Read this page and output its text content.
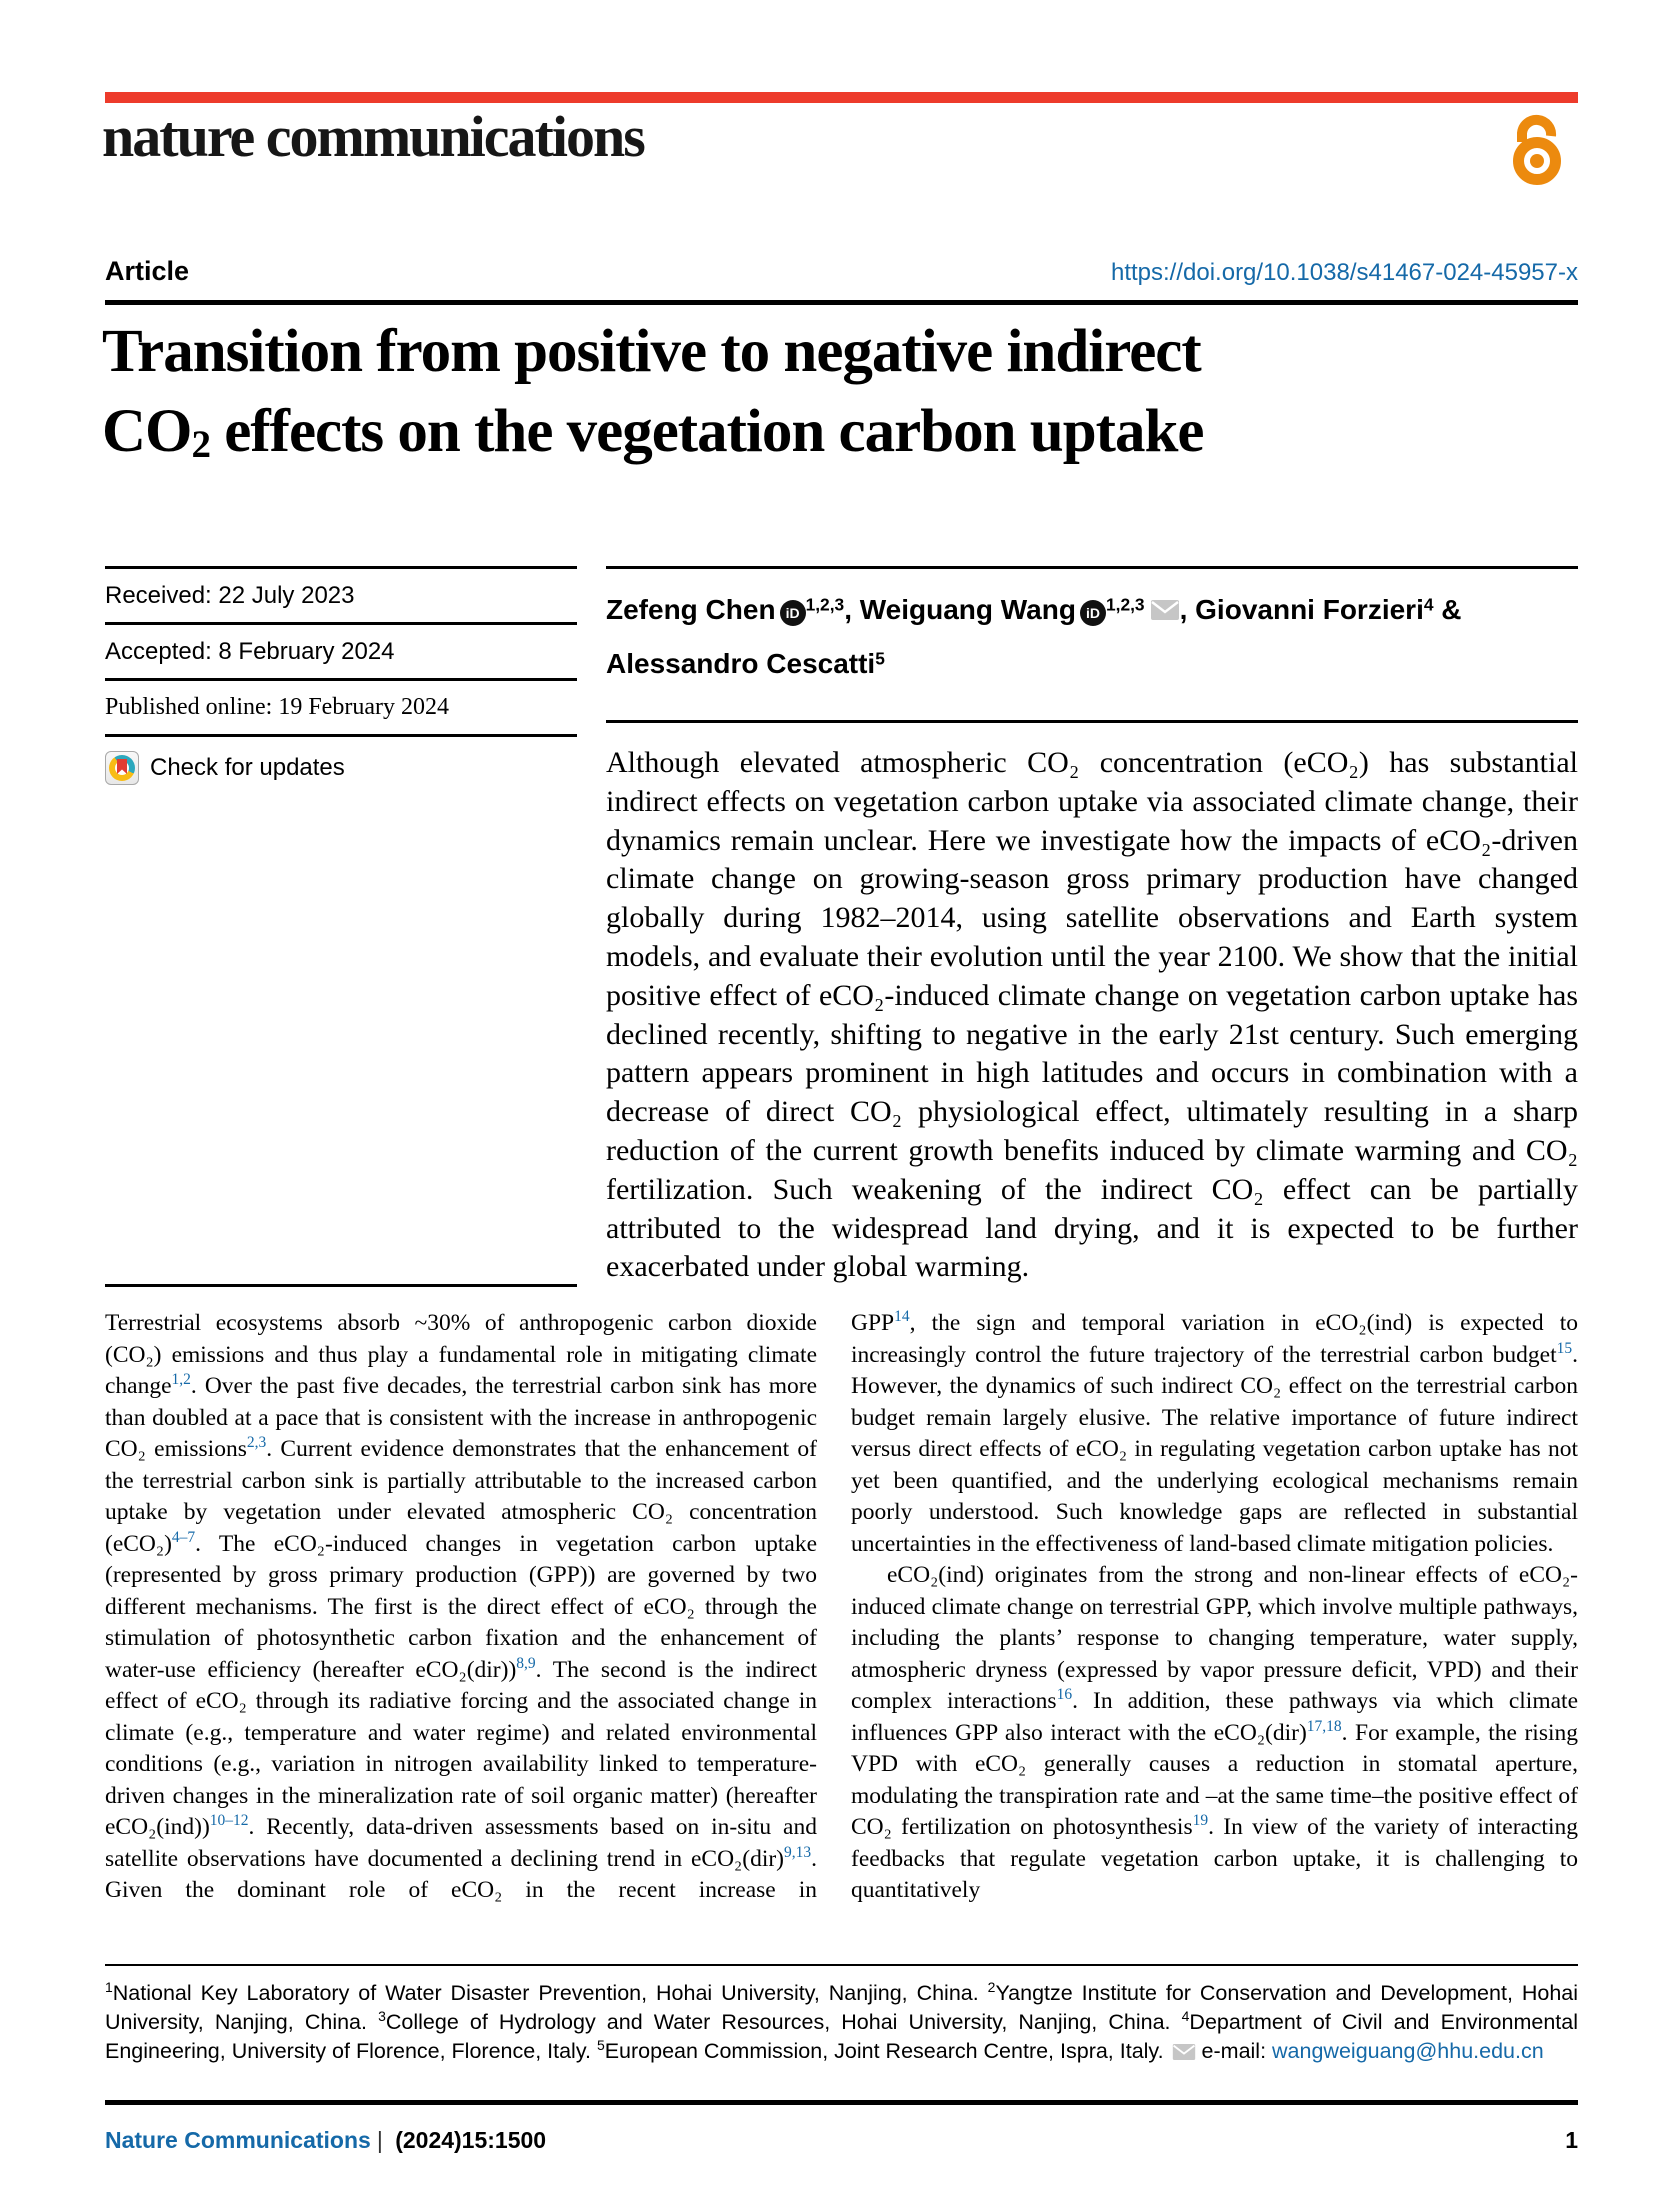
nature communications
Article	https://doi.org/10.1038/s41467-024-45957-x
Transition from positive to negative indirect
$CO_2$ effects on the vegetation carbon uptake
Received: 22 July 2023
Accepted: 8 February 2024
Published online: 19 February 2024
Check for updates
Zefeng Chen iD $^{1,2,3}$, Weiguang Wang iD $^{1,2,3}$ , Giovanni Forzieri$^4$ &
Alessandro Cescatti$^5$
Although elevated atmospheric CO₂ concentration (eCO₂) has substantial indirect effects on vegetation carbon uptake via associated climate change, their dynamics remain unclear. Here we investigate how the impacts of eCO₂-driven climate change on growing-season gross primary production have changed globally during 1982–2014, using satellite observations and Earth system models, and evaluate their evolution until the year 2100. We show that the initial positive effect of eCO₂-induced climate change on vegetation carbon uptake has declined recently, shifting to negative in the early 21st century. Such emerging pattern appears prominent in high latitudes and occurs in combination with a decrease of direct CO₂ physiological effect, ultimately resulting in a sharp reduction of the current growth benefits induced by climate warming and CO₂ fertilization. Such weakening of the indirect CO₂ effect can be partially attributed to the widespread land drying, and it is expected to be further exacerbated under global warming.

Terrestrial ecosystems absorb ~30% of anthropogenic carbon dioxide (CO₂) emissions and thus play a fundamental role in mitigating climate change$^{1,2}$. Over the past five decades, the terrestrial carbon sink has more than doubled at a pace that is consistent with the increase in anthropogenic CO₂ emissions$^{2,3}$. Current evidence demonstrates that the enhancement of the terrestrial carbon sink is partially attributable to the increased carbon uptake by vegetation under elevated atmospheric CO₂ concentration (eCO₂)$^{4-7}$. The eCO₂-induced changes in vegetation carbon uptake (represented by gross primary production (GPP)) are governed by two different mechanisms. The first is the direct effect of eCO₂ through the stimulation of photosynthetic carbon fixation and the enhancement of water-use efficiency (hereafter eCO₂(dir))$^{8,9}$. The second is the indirect effect of eCO₂ through its radiative forcing and the associated change in climate (e.g., temperature and water regime) and related environmental conditions (e.g., variation in nitrogen availability linked to temperature-driven changes in the mineralization rate of soil organic matter) (hereafter eCO₂(ind))$^{10-12}$. Recently, data-driven assessments based on in-situ and satellite observations have documented a declining trend in eCO₂(dir)$^{9,13}$. Given the dominant role of eCO₂ in the recent increase in

GPP$^{14}$, the sign and temporal variation in eCO₂(ind) is expected to increasingly control the future trajectory of the terrestrial carbon budget$^{15}$. However, the dynamics of such indirect CO₂ effect on the terrestrial carbon budget remain largely elusive. The relative importance of future indirect versus direct effects of eCO₂ in regulating vegetation carbon uptake has not yet been quantified, and the underlying ecological mechanisms remain poorly understood. Such knowledge gaps are reflected in substantial uncertainties in the effectiveness of land-based climate mitigation policies.

eCO₂(ind) originates from the strong and non-linear effects of eCO₂-induced climate change on terrestrial GPP, which involve multiple pathways, including the plants’ response to changing temperature, water supply, atmospheric dryness (expressed by vapor pressure deficit, VPD) and their complex interactions$^{16}$. In addition, these pathways via which climate influences GPP also interact with the eCO₂(dir)$^{17,18}$. For example, the rising VPD with eCO₂ generally causes a reduction in stomatal aperture, modulating the transpiration rate and –at the same time–the positive effect of CO₂ fertilization on photosynthesis$^{19}$. In view of the variety of interacting feedbacks that regulate vegetation carbon uptake, it is challenging to quantitatively

$^1$National Key Laboratory of Water Disaster Prevention, Hohai University, Nanjing, China. $^2$Yangtze Institute for Conservation and Development, Hohai University, Nanjing, China. $^3$College of Hydrology and Water Resources, Hohai University, Nanjing, China. $^4$Department of Civil and Environmental Engineering, University of Florence, Florence, Italy. $^5$European Commission, Joint Research Centre, Ispra, Italy. e-mail: wangweiguang@hhu.edu.cn
Nature Communications | (2024)15:1500	1
